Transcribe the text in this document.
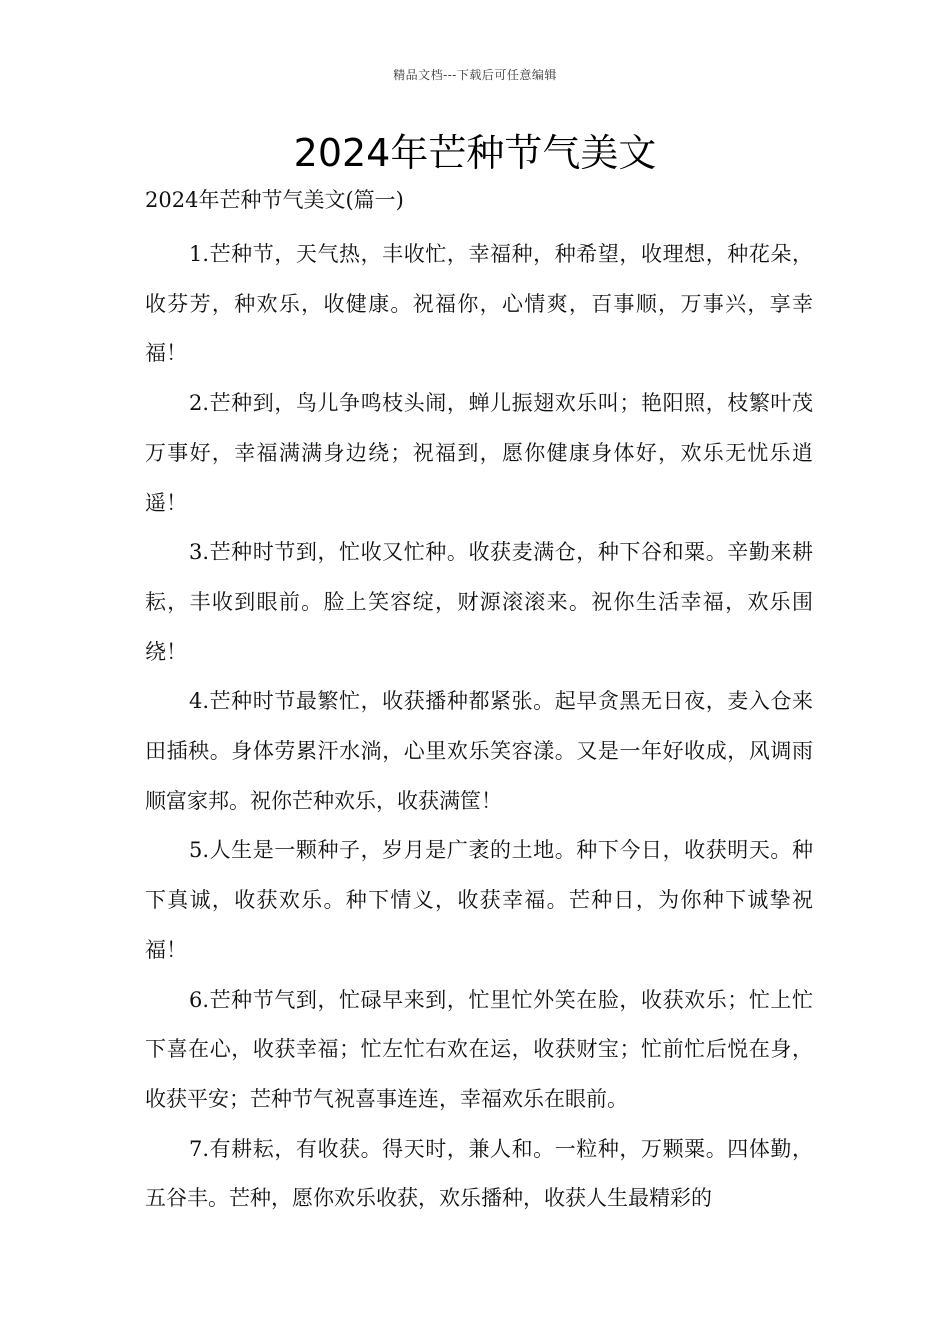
精品文档---下载后可任意编辑
2024年芒种节气美文
2024年芒种节气美文(篇一)

1.芒种节，天气热，丰收忙，幸福种，种希望，收理想，种花朵，收芬芳，种欢乐，收健康。祝福你，心情爽，百事顺，万事兴，享幸福！

2.芒种到，鸟儿争鸣枝头闹，蝉儿振翅欢乐叫；艳阳照，枝繁叶茂万事好，幸福满满身边绕；祝福到，愿你健康身体好，欢乐无忧乐逍遥！

3.芒种时节到，忙收又忙种。收获麦满仓，种下谷和粟。辛勤来耕耘，丰收到眼前。脸上笑容绽，财源滚滚来。祝你生活幸福，欢乐围绕！

4.芒种时节最繁忙，收获播种都紧张。起早贪黑无日夜，麦入仓来田插秧。身体劳累汗水淌，心里欢乐笑容漾。又是一年好收成，风调雨顺富家邦。祝你芒种欢乐，收获满筐！

5.人生是一颗种子，岁月是广袤的土地。种下今日，收获明天。种下真诚，收获欢乐。种下情义，收获幸福。芒种日，为你种下诚挚祝福！

6.芒种节气到，忙碌早来到，忙里忙外笑在脸，收获欢乐；忙上忙下喜在心，收获幸福；忙左忙右欢在运，收获财宝；忙前忙后悦在身，收获平安；芒种节气祝喜事连连，幸福欢乐在眼前。

7.有耕耘，有收获。得天时，兼人和。一粒种，万颗粟。四体勤，五谷丰。芒种，愿你欢乐收获，欢乐播种，收获人生最精彩的
